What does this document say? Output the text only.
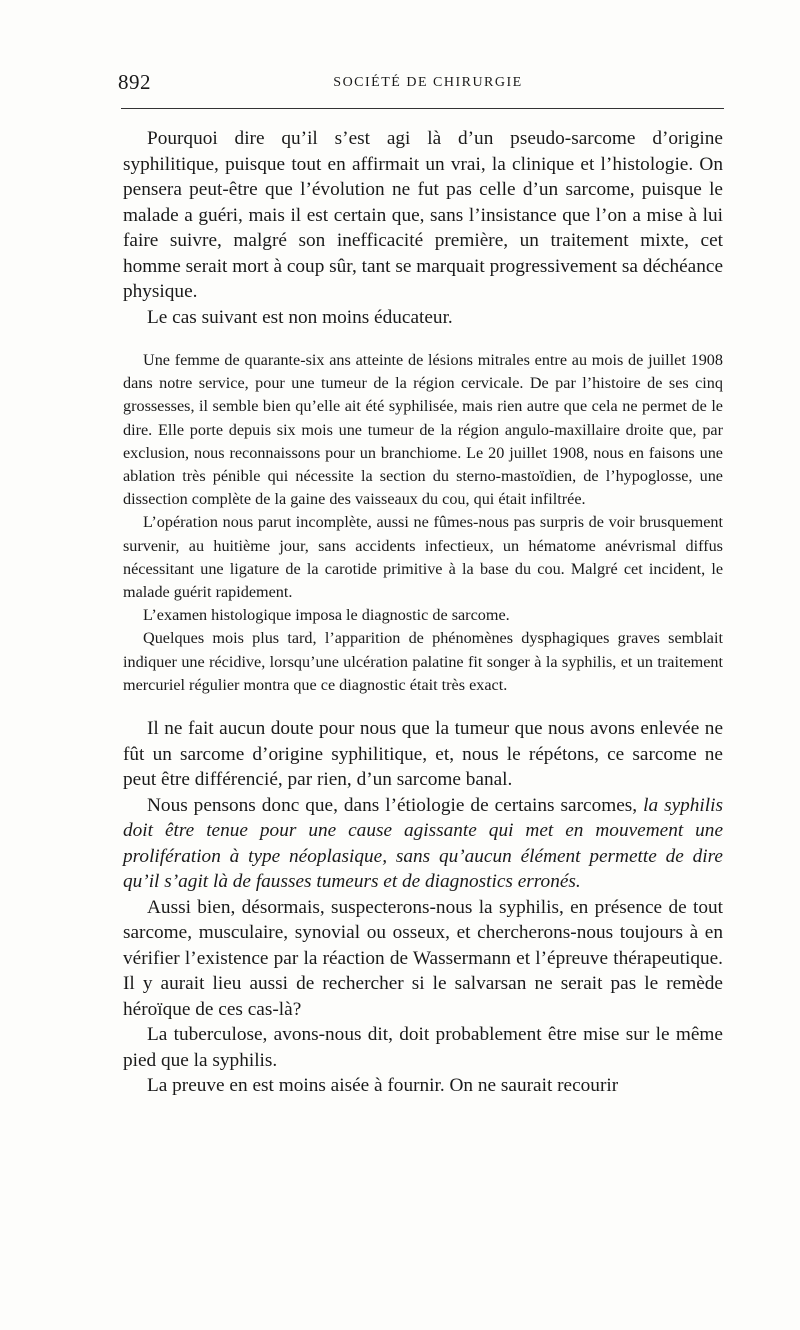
892	SOCIÉTÉ DE CHIRURGIE

Pourquoi dire qu’il s’est agi là d’un pseudo-sarcome d’origine syphilitique, puisque tout en affirmait un vrai, la clinique et l’histologie. On pensera peut-être que l’évolution ne fut pas celle d’un sarcome, puisque le malade a guéri, mais il est certain que, sans l’insistance que l’on a mise à lui faire suivre, malgré son inefficacité première, un traitement mixte, cet homme serait mort à coup sûr, tant se marquait progressivement sa déchéance physique.

Le cas suivant est non moins éducateur.

Une femme de quarante-six ans atteinte de lésions mitrales entre au mois de juillet 1908 dans notre service, pour une tumeur de la région cervicale. De par l’histoire de ses cinq grossesses, il semble bien qu’elle ait été syphilisée, mais rien autre que cela ne permet de le dire. Elle porte depuis six mois une tumeur de la région angulo-maxillaire droite que, par exclusion, nous reconnaissons pour un branchiome. Le 20 juillet 1908, nous en faisons une ablation très pénible qui nécessite la section du sterno-mastoïdien, de l’hypoglosse, une dissection complète de la gaine des vaisseaux du cou, qui était infiltrée.

L’opération nous parut incomplète, aussi ne fûmes-nous pas surpris de voir brusquement survenir, au huitième jour, sans accidents infectieux, un hématome anévrismal diffus nécessitant une ligature de la carotide primitive à la base du cou. Malgré cet incident, le malade guérit rapidement.

L’examen histologique imposa le diagnostic de sarcome.

Quelques mois plus tard, l’apparition de phénomènes dysphagiques graves semblait indiquer une récidive, lorsqu’une ulcération palatine fit songer à la syphilis, et un traitement mercuriel régulier montra que ce diagnostic était très exact.

Il ne fait aucun doute pour nous que la tumeur que nous avons enlevée ne fût un sarcome d’origine syphilitique, et, nous le répétons, ce sarcome ne peut être différencié, par rien, d’un sarcome banal.

Nous pensons donc que, dans l’étiologie de certains sarcomes, la syphilis doit être tenue pour une cause agissante qui met en mouvement une prolifération à type néoplasique, sans qu’aucun élément permette de dire qu’il s’agit là de fausses tumeurs et de diagnostics erronés.

Aussi bien, désormais, suspecterons-nous la syphilis, en présence de tout sarcome, musculaire, synovial ou osseux, et chercherons-nous toujours à en vérifier l’existence par la réaction de Wassermann et l’épreuve thérapeutique. Il y aurait lieu aussi de rechercher si le salvarsan ne serait pas le remède héroïque de ces cas-là?

La tuberculose, avons-nous dit, doit probablement être mise sur le même pied que la syphilis.

La preuve en est moins aisée à fournir. On ne saurait recourir
